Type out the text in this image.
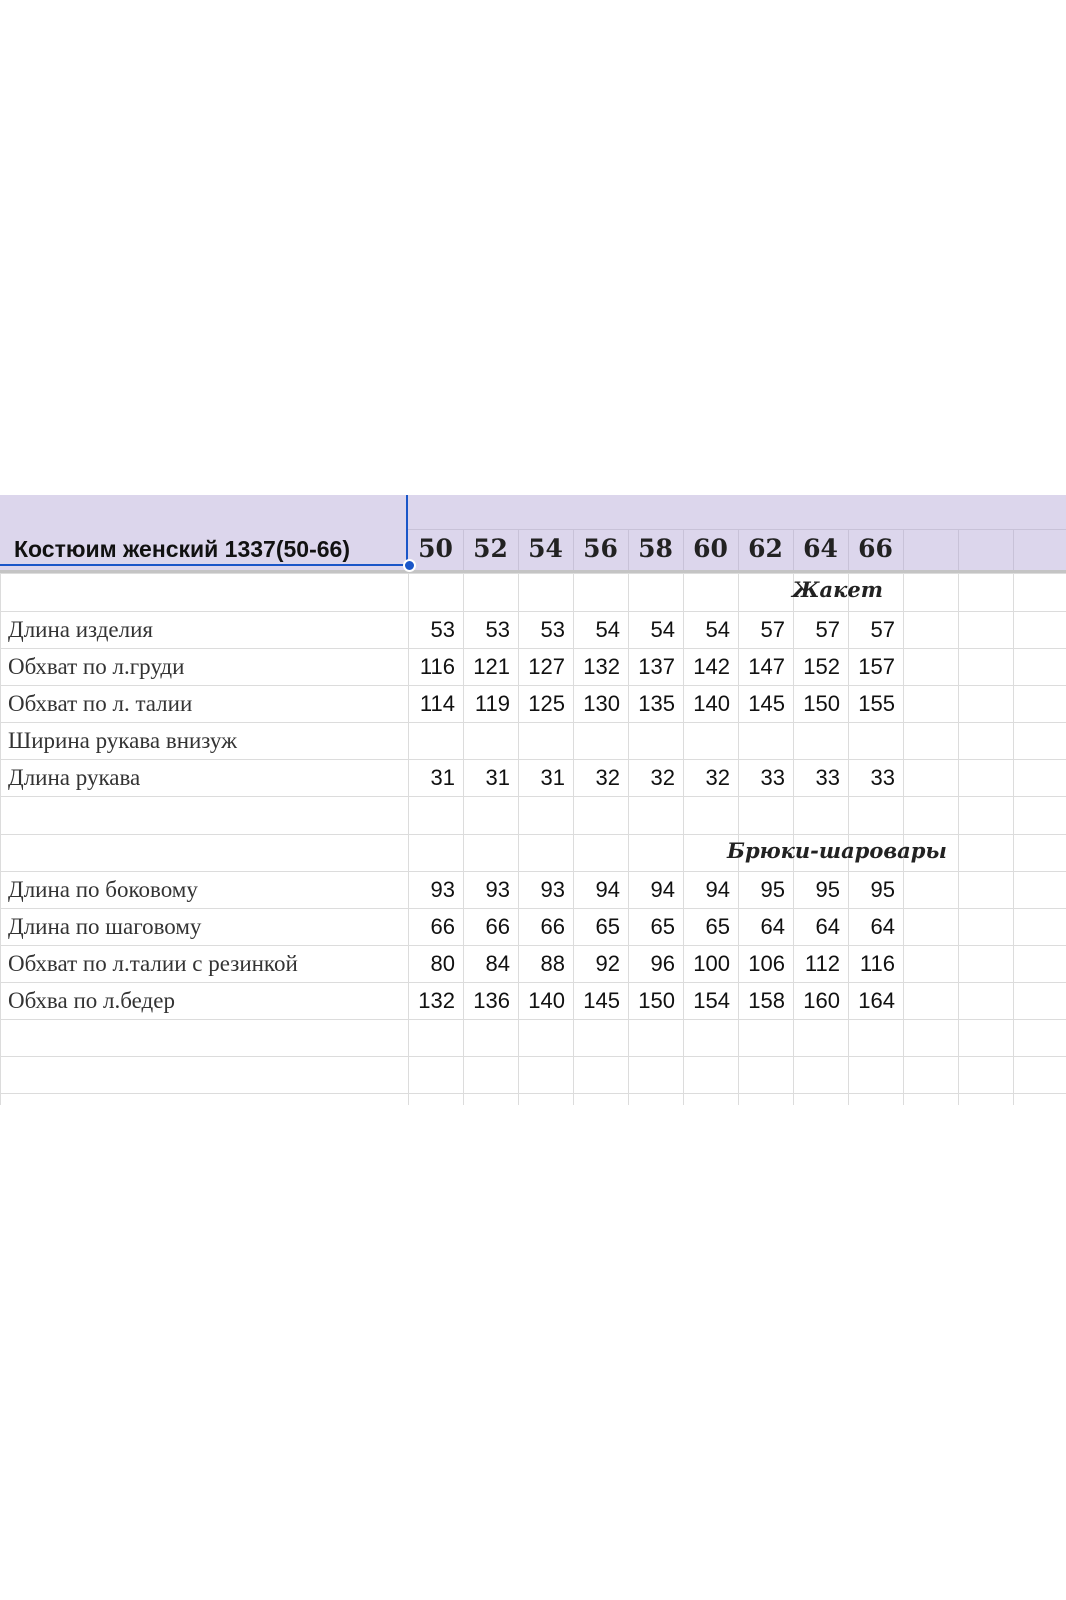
Костюим женский 1337(50-66)	50 52 54 56 58 60 62 64 66
Жакет
Длина изделия	53	53	53	54	54	54	57	57	57
Обхват по л.груди	116 121 127 132 137 142 147 152 157
Обхват по л. талии	114 119 125 130 135 140 145 150 155
Ширина рукава внизуж
Длина рукава	31	31	31	32	32	32	33	33	33
Брюки-шаровары
Длина по боковому	93	93	93	94	94	94	95	95	95
Длина по шаговому	66	66	66	65	65	65	64	64	64
Обхват по л.талии с резинкой	80	84	88	92	96 100 106 112 116
Обхва по л.бедер	132 136 140 145 150 154 158 160 164
